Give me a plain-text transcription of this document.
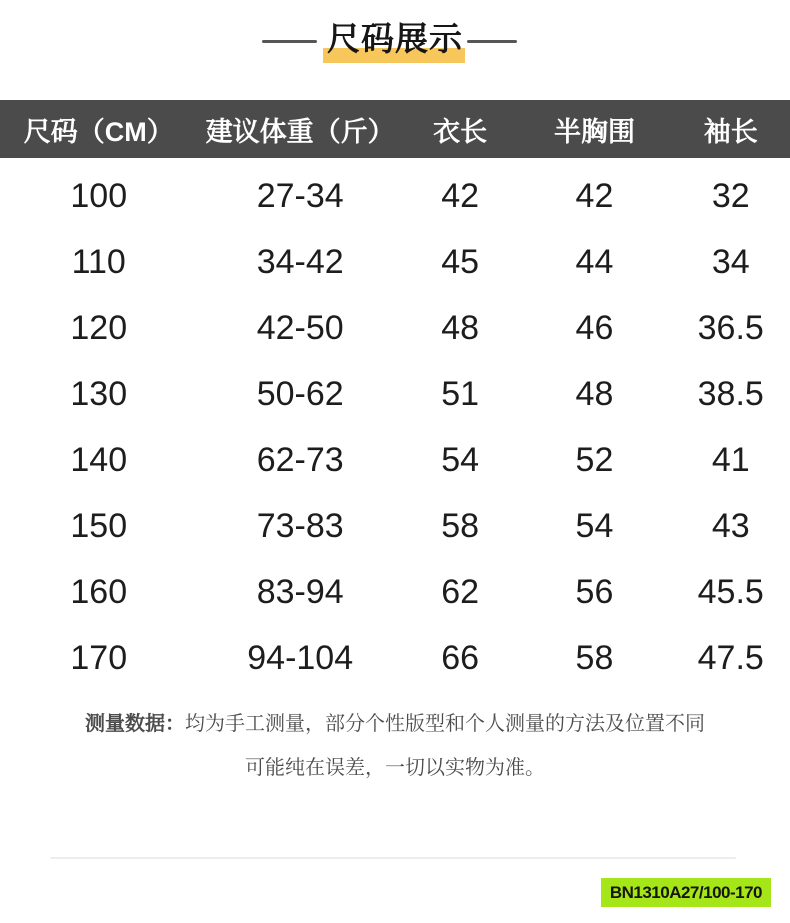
尺码展示
尺码（CM）	建议体重（斤）	衣长	半胸围	袖长
100	27-34	42	42	32
110	34-42	45	44	34
120	42-50	48	46	36.5
130	50-62	51	48	38.5
140	62-73	54	52	41
150	73-83	58	54	43
160	83-94	62	56	45.5
170	94-104	66	58	47.5
测量数据：均为手工测量，部分个性版型和个人测量的方法及位置不同
可能纯在误差，一切以实物为准。
BN1310A27/100-170
